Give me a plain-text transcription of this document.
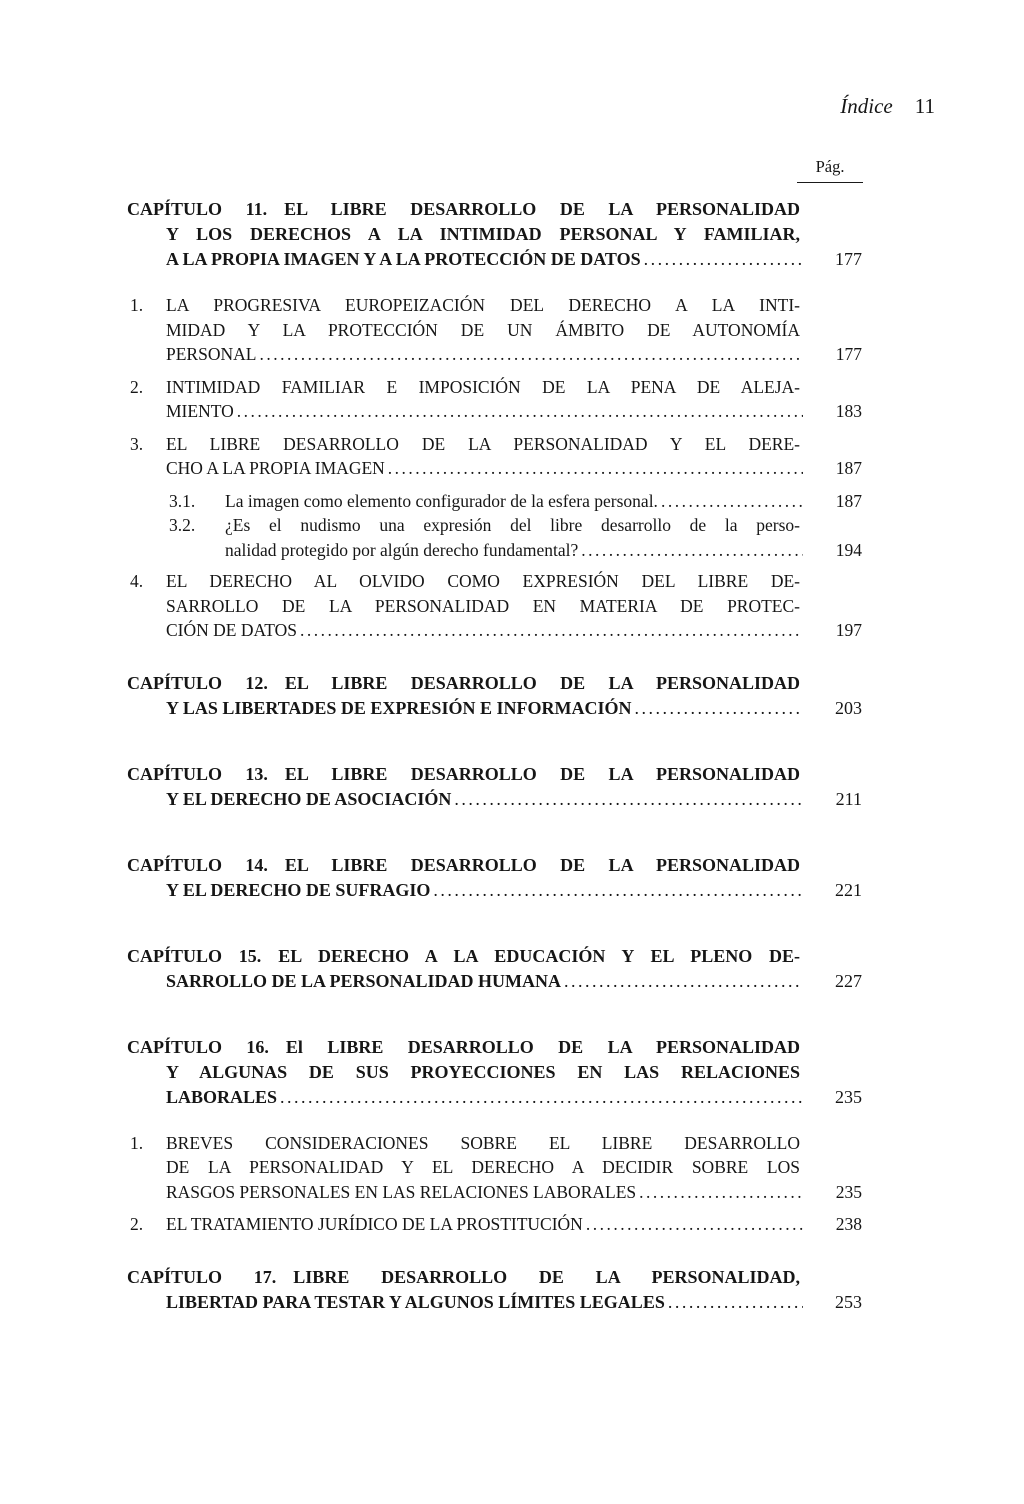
Índice 11
Pág.
CAPÍTULO 11. EL LIBRE DESARROLLO DE LA PERSONALIDAD
Y LOS DERECHOS A LA INTIMIDAD PERSONAL Y FAMILIAR,
A LA PROPIA IMAGEN Y A LA PROTECCIÓN DE DATOS .....	177
1. LA PROGRESIVA EUROPEIZACIÓN DEL DERECHO A LA INTI-
MIDAD Y LA PROTECCIÓN DE UN ÁMBITO DE AUTONOMÍA
PERSONAL .....	177
2. INTIMIDAD FAMILIAR E IMPOSICIÓN DE LA PENA DE ALEJA-
MIENTO .....	183
3. EL LIBRE DESARROLLO DE LA PERSONALIDAD Y EL DERE-
CHO A LA PROPIA IMAGEN .....	187
3.1.	La imagen como elemento configurador de la esfera personal. .....	187
3.2. ¿Es el nudismo una expresión del libre desarrollo de la perso-
nalidad protegido por algún derecho fundamental? .....	194
4. EL DERECHO AL OLVIDO COMO EXPRESIÓN DEL LIBRE DE-
SARROLLO DE LA PERSONALIDAD EN MATERIA DE PROTEC-
CIÓN DE DATOS .....	197
CAPÍTULO 12. EL LIBRE DESARROLLO DE LA PERSONALIDAD
Y LAS LIBERTADES DE EXPRESIÓN E INFORMACIÓN .....	203
CAPÍTULO 13. EL LIBRE DESARROLLO DE LA PERSONALIDAD
Y EL DERECHO DE ASOCIACIÓN .....	211
CAPÍTULO 14. EL LIBRE DESARROLLO DE LA PERSONALIDAD
Y EL DERECHO DE SUFRAGIO .....	221
CAPÍTULO 15. EL DERECHO A LA EDUCACIÓN Y EL PLENO DE-
SARROLLO DE LA PERSONALIDAD HUMANA .....	227
CAPÍTULO 16. El LIBRE DESARROLLO DE LA PERSONALIDAD
Y ALGUNAS DE SUS PROYECCIONES EN LAS RELACIONES
LABORALES .....	235
1. BREVES CONSIDERACIONES SOBRE EL LIBRE DESARROLLO
DE LA PERSONALIDAD Y EL DERECHO A DECIDIR SOBRE LOS
RASGOS PERSONALES EN LAS RELACIONES LABORALES .....	235
2.	EL TRATAMIENTO JURÍDICO DE LA PROSTITUCIÓN .....	238
CAPÍTULO 17. LIBRE DESARROLLO DE LA PERSONALIDAD,
LIBERTAD PARA TESTAR Y ALGUNOS LÍMITES LEGALES .....	253
